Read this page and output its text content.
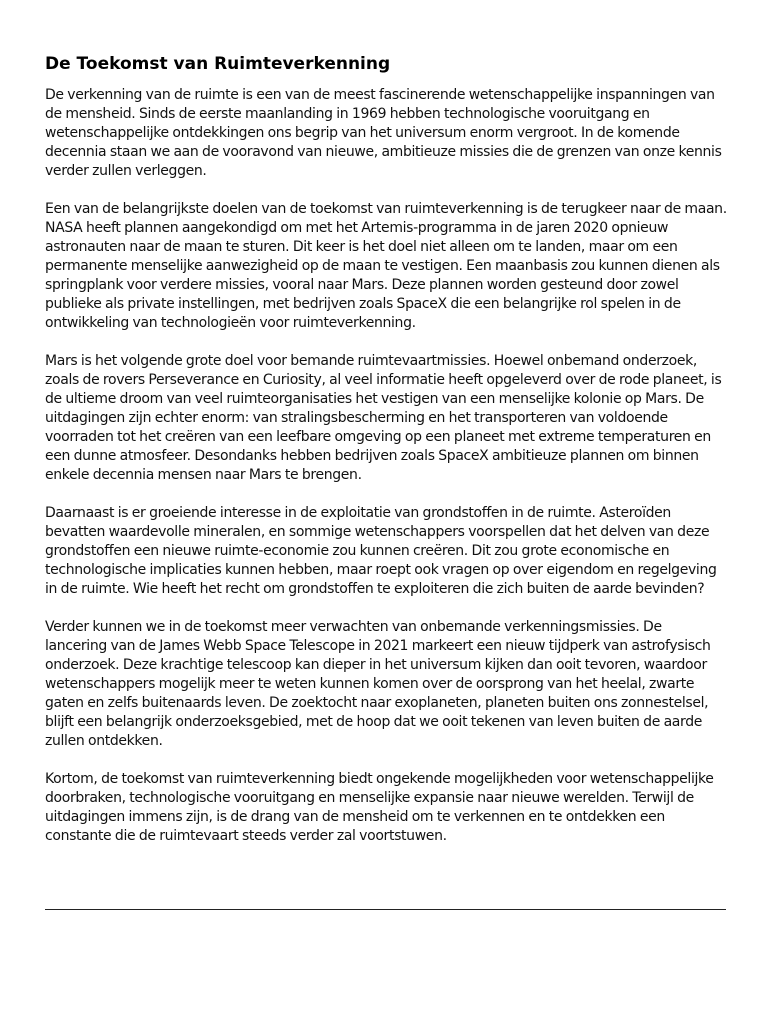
De Toekomst van Ruimteverkenning

De verkenning van de ruimte is een van de meest fascinerende wetenschappelijke inspanningen van de mensheid. Sinds de eerste maanlanding in 1969 hebben technologische vooruitgang en wetenschappelijke ontdekkingen ons begrip van het universum enorm vergroot. In de komende decennia staan we aan de vooravond van nieuwe, ambitieuze missies die de grenzen van onze kennis verder zullen verleggen.

Een van de belangrijkste doelen van de toekomst van ruimteverkenning is de terugkeer naar de maan. NASA heeft plannen aangekondigd om met het Artemis-programma in de jaren 2020 opnieuw astronauten naar de maan te sturen. Dit keer is het doel niet alleen om te landen, maar om een permanente menselijke aanwezigheid op de maan te vestigen. Een maanbasis zou kunnen dienen als springplank voor verdere missies, vooral naar Mars. Deze plannen worden gesteund door zowel publieke als private instellingen, met bedrijven zoals SpaceX die een belangrijke rol spelen in de ontwikkeling van technologieën voor ruimteverkenning.

Mars is het volgende grote doel voor bemande ruimtevaartmissies. Hoewel onbemand onderzoek, zoals de rovers Perseverance en Curiosity, al veel informatie heeft opgeleverd over de rode planeet, is de ultieme droom van veel ruimteorganisaties het vestigen van een menselijke kolonie op Mars. De uitdagingen zijn echter enorm: van stralingsbescherming en het transporteren van voldoende voorraden tot het creëren van een leefbare omgeving op een planeet met extreme temperaturen en een dunne atmosfeer. Desondanks hebben bedrijven zoals SpaceX ambitieuze plannen om binnen enkele decennia mensen naar Mars te brengen.

Daarnaast is er groeiende interesse in de exploitatie van grondstoffen in de ruimte. Asteroïden bevatten waardevolle mineralen, en sommige wetenschappers voorspellen dat het delven van deze grondstoffen een nieuwe ruimte-economie zou kunnen creëren. Dit zou grote economische en technologische implicaties kunnen hebben, maar roept ook vragen op over eigendom en regelgeving in de ruimte. Wie heeft het recht om grondstoffen te exploiteren die zich buiten de aarde bevinden?

Verder kunnen we in de toekomst meer verwachten van onbemande verkenningsmissies. De lancering van de James Webb Space Telescope in 2021 markeert een nieuw tijdperk van astrofysisch onderzoek. Deze krachtige telescoop kan dieper in het universum kijken dan ooit tevoren, waardoor wetenschappers mogelijk meer te weten kunnen komen over de oorsprong van het heelal, zwarte gaten en zelfs buitenaards leven. De zoektocht naar exoplaneten, planeten buiten ons zonnestelsel, blijft een belangrijk onderzoeksgebied, met de hoop dat we ooit tekenen van leven buiten de aarde zullen ontdekken.

Kortom, de toekomst van ruimteverkenning biedt ongekende mogelijkheden voor wetenschappelijke doorbraken, technologische vooruitgang en menselijke expansie naar nieuwe werelden. Terwijl de uitdagingen immens zijn, is de drang van de mensheid om te verkennen en te ontdekken een constante die de ruimtevaart steeds verder zal voortstuwen.
